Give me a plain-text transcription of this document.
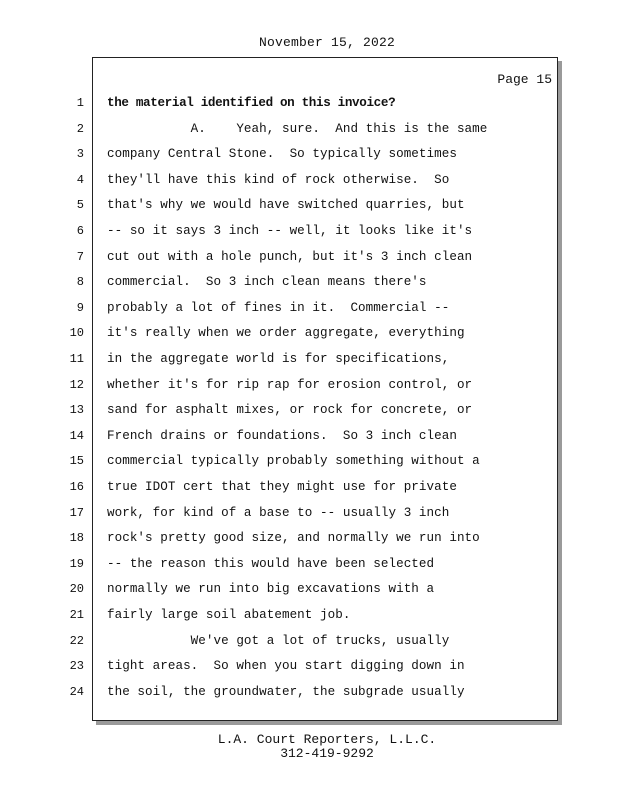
November 15, 2022
Page 15
1 the material identified on this invoice?
2 A.    Yeah, sure.  And this is the same
3 company Central Stone.  So typically sometimes
4 they'll have this kind of rock otherwise.  So
5 that's why we would have switched quarries, but
6 -- so it says 3 inch -- well, it looks like it's
7 cut out with a hole punch, but it's 3 inch clean
8 commercial.  So 3 inch clean means there's
9 probably a lot of fines in it.  Commercial --
10 it's really when we order aggregate, everything
11 in the aggregate world is for specifications,
12 whether it's for rip rap for erosion control, or
13 sand for asphalt mixes, or rock for concrete, or
14 French drains or foundations.  So 3 inch clean
15 commercial typically probably something without a
16 true IDOT cert that they might use for private
17 work, for kind of a base to -- usually 3 inch
18 rock's pretty good size, and normally we run into
19 -- the reason this would have been selected
20 normally we run into big excavations with a
21 fairly large soil abatement job.
22 We've got a lot of trucks, usually
23 tight areas.  So when you start digging down in
24 the soil, the groundwater, the subgrade usually
L.A. Court Reporters, L.L.C.
312-419-9292
